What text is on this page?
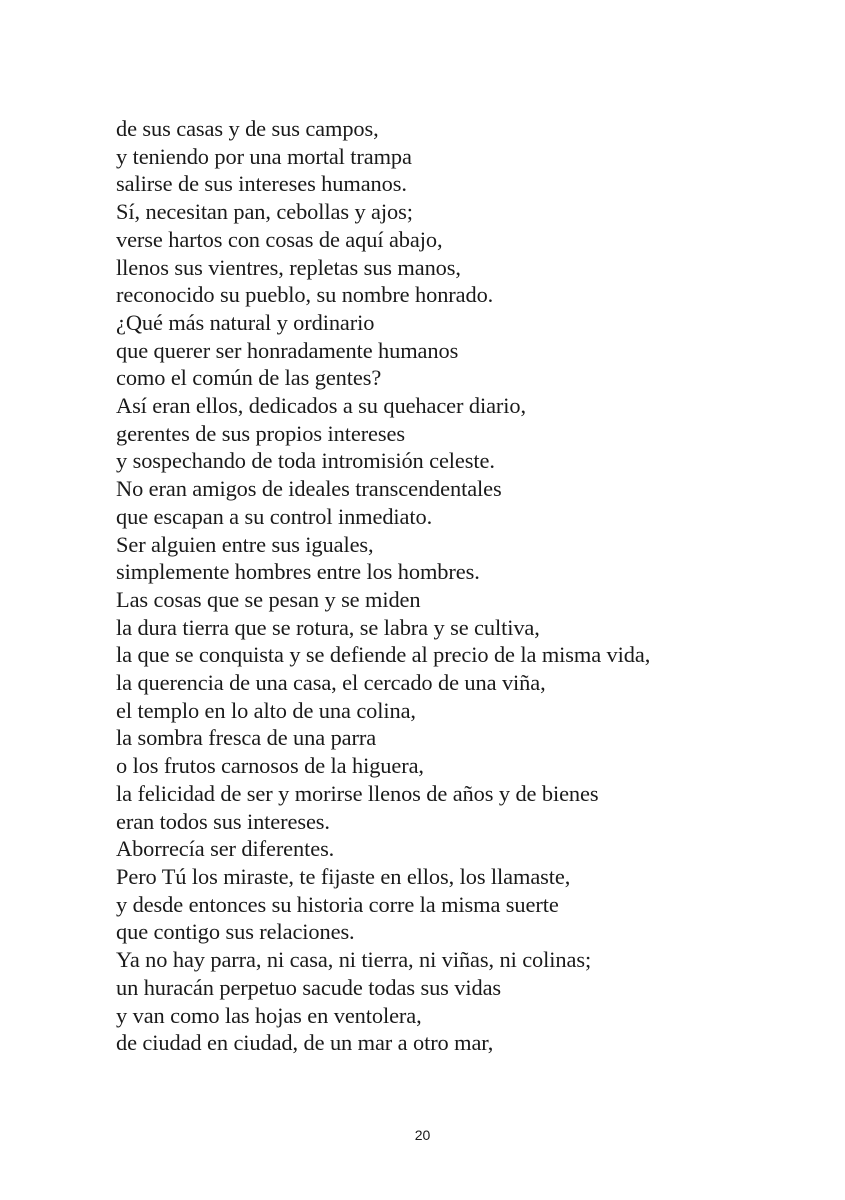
de sus casas y de sus campos,
y teniendo por una mortal trampa
salirse de sus intereses humanos.
Sí, necesitan pan, cebollas y ajos;
verse hartos con cosas de aquí abajo,
llenos sus vientres, repletas sus manos,
reconocido su pueblo, su nombre honrado.
¿Qué más natural y ordinario
que querer ser honradamente humanos
como el común de las gentes?
Así eran ellos, dedicados a su quehacer diario,
gerentes de sus propios intereses
y sospechando de toda intromisión celeste.
No eran amigos de ideales transcendentales
que escapan a su control inmediato.
Ser alguien entre sus iguales,
simplemente hombres entre los hombres.
Las cosas que se pesan y se miden
la dura tierra que se rotura, se labra y se cultiva,
la que se conquista y se defiende al precio de la misma vida,
la querencia de una casa, el cercado de una viña,
el templo en lo alto de una colina,
la sombra fresca de una parra
o los frutos carnosos de la higuera,
la felicidad de ser y morirse llenos de años y de bienes
eran todos sus intereses.
Aborrecía ser diferentes.
Pero Tú los miraste, te fijaste en ellos, los llamaste,
y desde entonces su historia corre la misma suerte
que contigo sus relaciones.
Ya no hay parra, ni casa, ni tierra, ni viñas, ni colinas;
un huracán perpetuo sacude todas sus vidas
y van como las hojas en ventolera,
de ciudad en ciudad, de un mar a otro mar,
20
